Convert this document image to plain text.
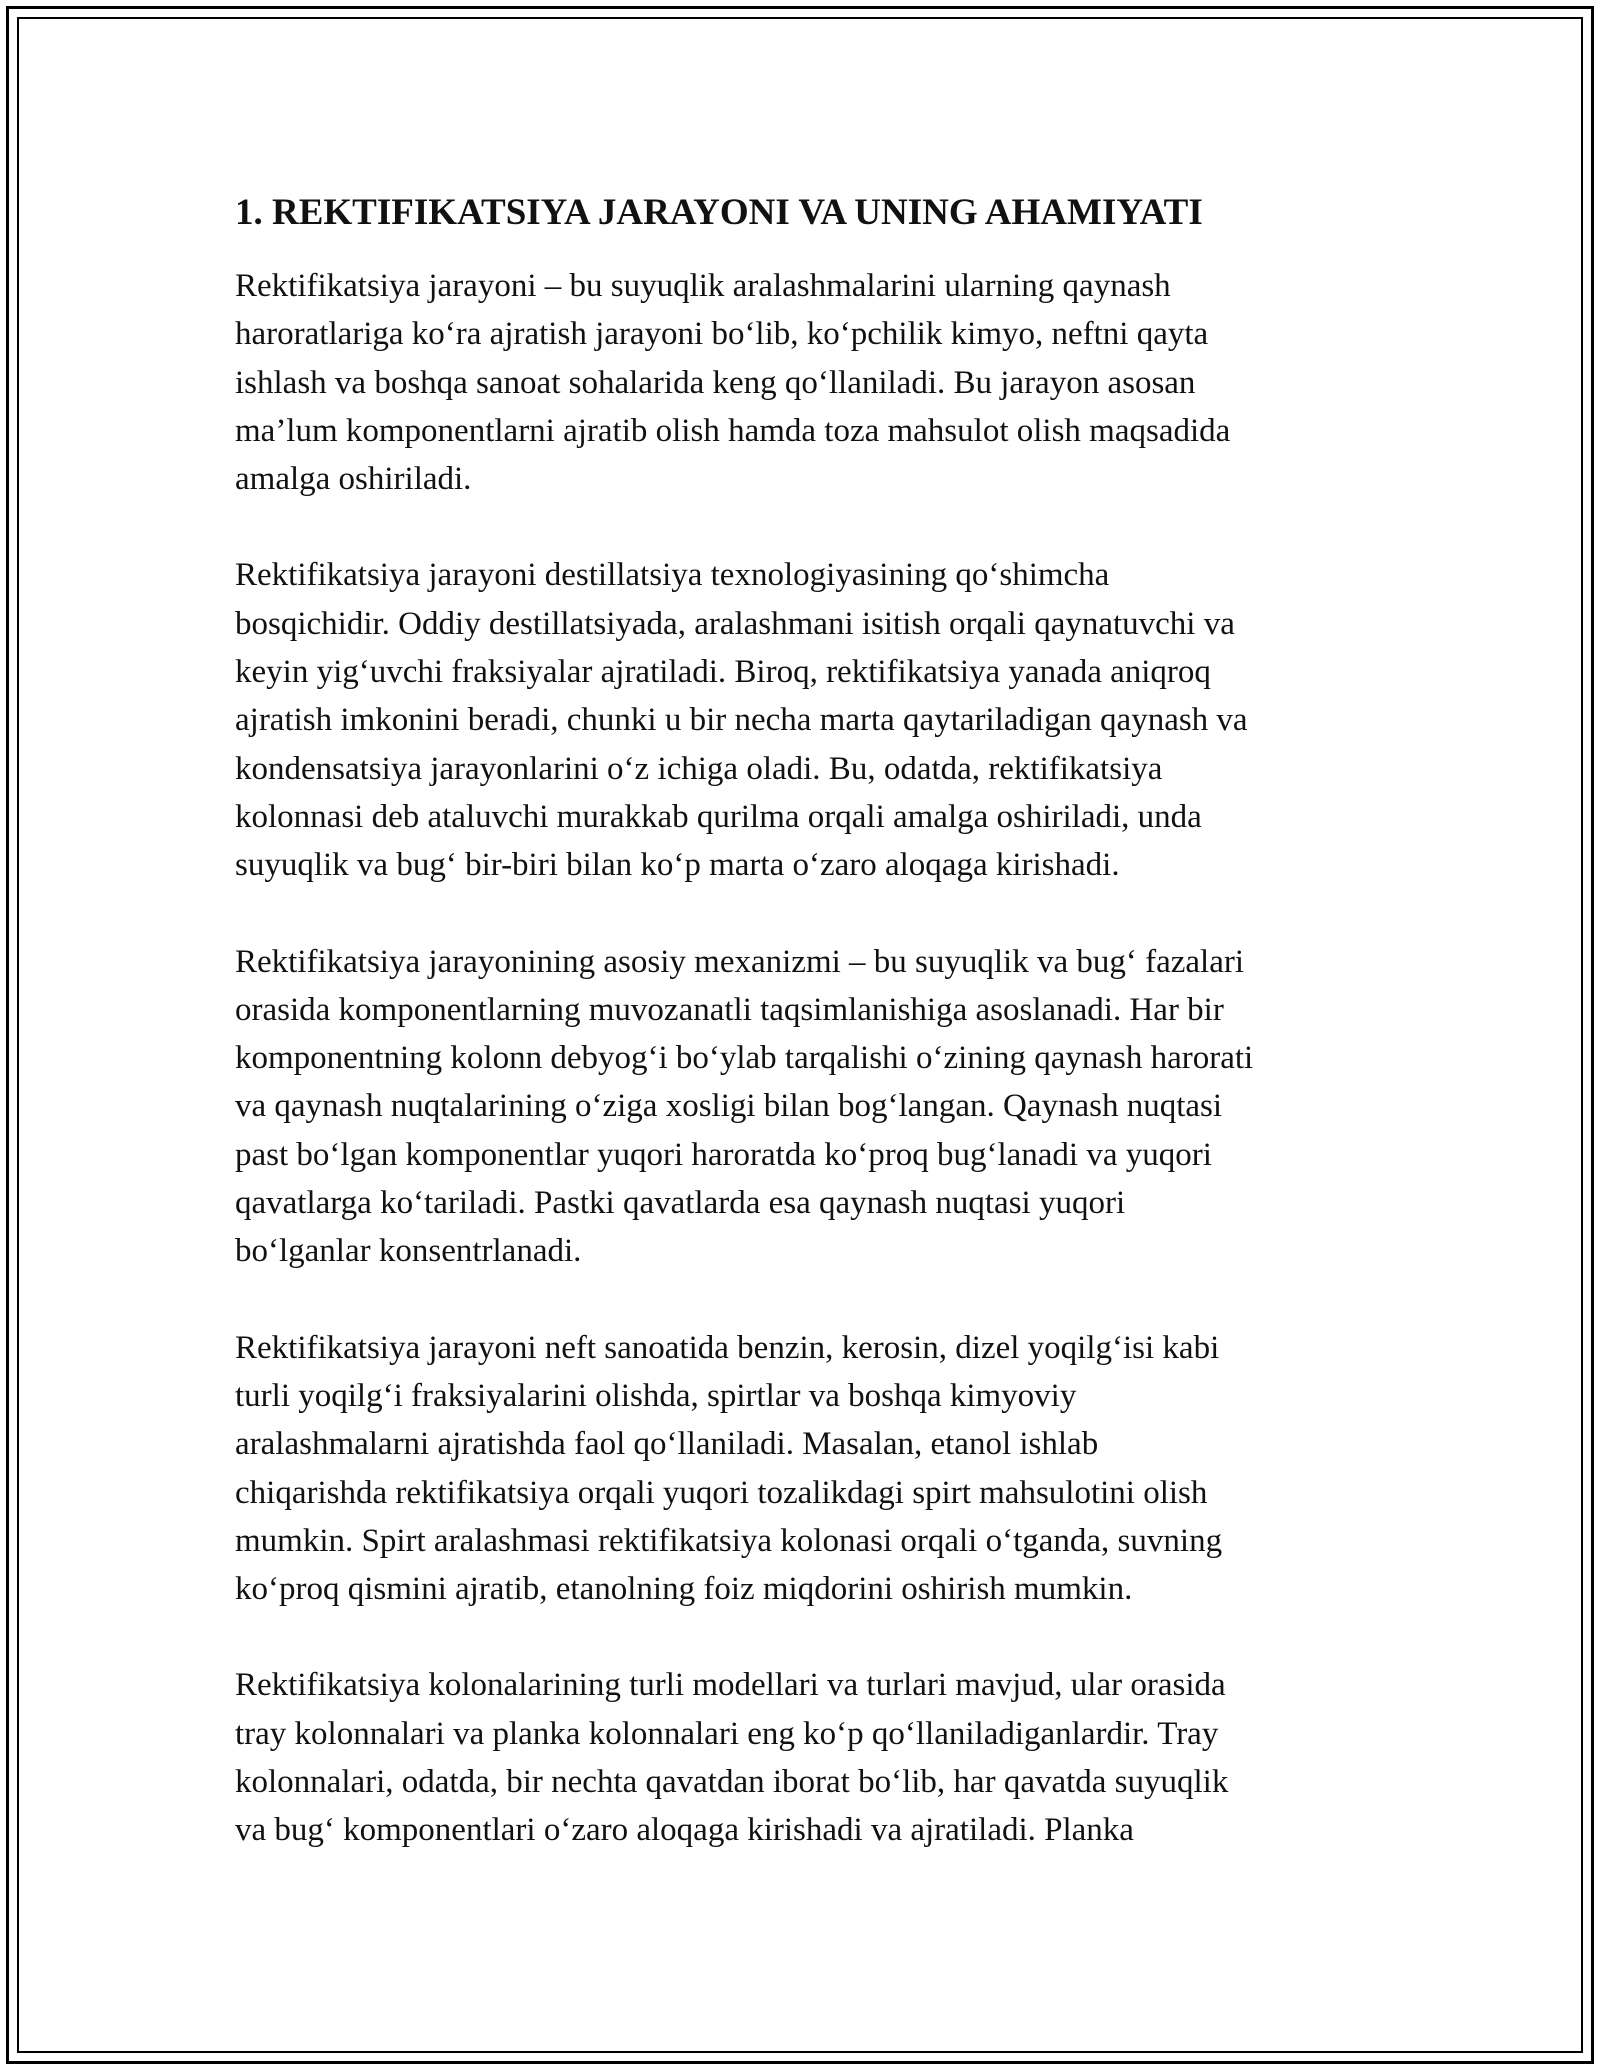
1. REKTIFIKATSIYA JARAYONI VA UNING AHAMIYATI

Rektifikatsiya jarayoni – bu suyuqlik aralashmalarini ularning qaynash
haroratlariga ko‘ra ajratish jarayoni bo‘lib, ko‘pchilik kimyo, neftni qayta
ishlash va boshqa sanoat sohalarida keng qo‘llaniladi. Bu jarayon asosan
ma’lum komponentlarni ajratib olish hamda toza mahsulot olish maqsadida
amalga oshiriladi.

Rektifikatsiya jarayoni destillatsiya texnologiyasining qo‘shimcha
bosqichidir. Oddiy destillatsiyada, aralashmani isitish orqali qaynatuvchi va
keyin yig‘uvchi fraksiyalar ajratiladi. Biroq, rektifikatsiya yanada aniqroq
ajratish imkonini beradi, chunki u bir necha marta qaytariladigan qaynash va
kondensatsiya jarayonlarini o‘z ichiga oladi. Bu, odatda, rektifikatsiya
kolonnasi deb ataluvchi murakkab qurilma orqali amalga oshiriladi, unda
suyuqlik va bug‘ bir-biri bilan ko‘p marta o‘zaro aloqaga kirishadi.

Rektifikatsiya jarayonining asosiy mexanizmi – bu suyuqlik va bug‘ fazalari
orasida komponentlarning muvozanatli taqsimlanishiga asoslanadi. Har bir
komponentning kolonn debyog‘i bo‘ylab tarqalishi o‘zining qaynash harorati
va qaynash nuqtalarining o‘ziga xosligi bilan bog‘langan. Qaynash nuqtasi
past bo‘lgan komponentlar yuqori haroratda ko‘proq bug‘lanadi va yuqori
qavatlarga ko‘tariladi. Pastki qavatlarda esa qaynash nuqtasi yuqori
bo‘lganlar konsentrlanadi.

Rektifikatsiya jarayoni neft sanoatida benzin, kerosin, dizel yoqilg‘isi kabi
turli yoqilg‘i fraksiyalarini olishda, spirtlar va boshqa kimyoviy
aralashmalarni ajratishda faol qo‘llaniladi. Masalan, etanol ishlab
chiqarishda rektifikatsiya orqali yuqori tozalikdagi spirt mahsulotini olish
mumkin. Spirt aralashmasi rektifikatsiya kolonasi orqali o‘tganda, suvning
ko‘proq qismini ajratib, etanolning foiz miqdorini oshirish mumkin.

Rektifikatsiya kolonalarining turli modellari va turlari mavjud, ular orasida
tray kolonnalari va planka kolonnalari eng ko‘p qo‘llaniladiganlardir. Tray
kolonnalari, odatda, bir nechta qavatdan iborat bo‘lib, har qavatda suyuqlik
va bug‘ komponentlari o‘zaro aloqaga kirishadi va ajratiladi. Planka
